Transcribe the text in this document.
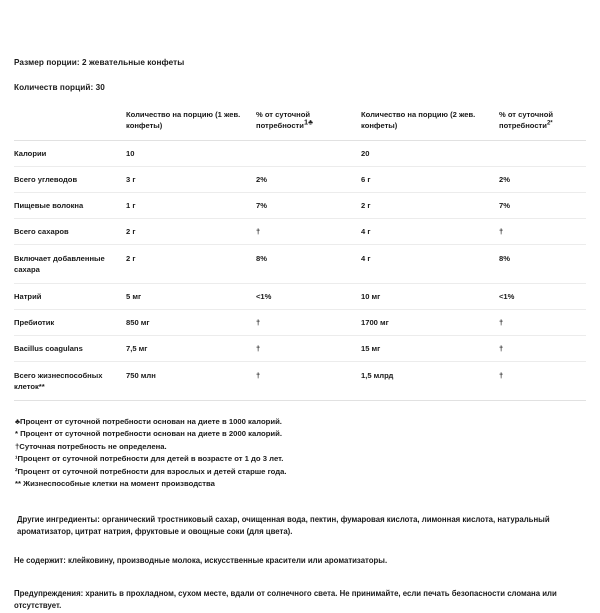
Размер порции: 2 жевательные конфеты
Количеств порций: 30
	Количество на порцию (1 жев. конфеты)	% от суточной потребности$^{1♣}$	Количество на порцию (2 жев. конфеты)	% от суточной потребности$^{2*}$
Калории	10		20	
Всего углеводов	3 г	2%	6 г	2%
Пищевые волокна	1 г	7%	2 г	7%
Всего сахаров	2 г	†	4 г	†
Включает добавленные сахара	2 г	8%	4 г	8%
Натрий	5 мг	<1%	10 мг	<1%
Пребиотик	850 мг	†	1700 мг	†
Bacillus coagulans	7,5 мг	†	15 мг	†
Всего жизнеспособных клеток**	750 млн	†	1,5 млрд	†
♣Процент от суточной потребности основан на диете в 1000 калорий.
* Процент от суточной потребности основан на диете в 2000 калорий.
†Суточная потребность не определена.
¹Процент от суточной потребности для детей в возрасте от 1 до 3 лет.
²Процент от суточной потребности для взрослых и детей старше года.
** Жизнеспособные клетки на момент производства

Другие ингредиенты: органический тростниковый сахар, очищенная вода, пектин, фумаровая кислота, лимонная кислота, натуральный ароматизатор, цитрат натрия, фруктовые и овощные соки (для цвета).

Не содержит: клейковину, производные молока, искусственные красители или ароматизаторы.

Предупреждения: хранить в прохладном, сухом месте, вдали от солнечного света. Не принимайте, если печать безопасности сломана или отсутствует.
